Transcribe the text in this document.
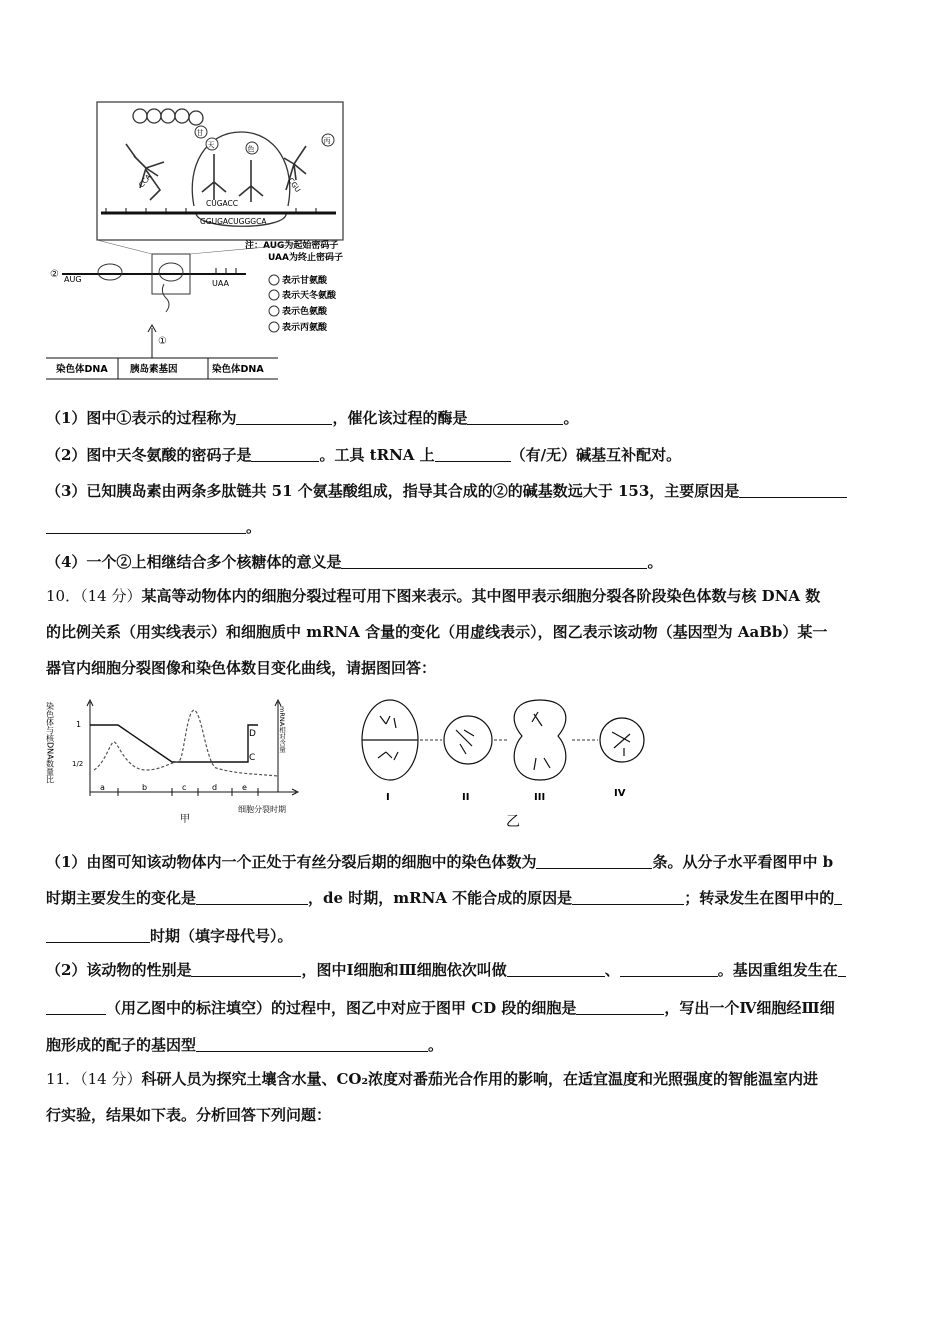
甘
天	色
丙
CCA
CUGACC
CGU
GGUGACUGGGCA
注：AUG为起始密码子
UAA为终止密码子
表示甘氨酸
表示天冬氨酸
表示色氨酸
表示丙氨酸
② AUG	UAA
①
染色体DNA 胰岛素基因	染色体DNA
（1）图中①表示的过程称为	，催化该过程的酶是	。
（2）图中天冬氨酸的密码子是	。工具 tRNA 上	（有/无）碱基互补配对。
（3）已知胰岛素由两条多肽链共 51 个氨基酸组成，指导其合成的②的碱基数远大于 153，主要原因是
。
（4）一个②上相继结合多个核糖体的意义是	。
10．（14 分）某高等动物体内的细胞分裂过程可用下图来表示。其中图甲表示细胞分裂各阶段染色体数与核 DNA 数
的比例关系（用实线表示）和细胞质中 mRNA 含量的变化（用虚线表示），图乙表示该动物（基因型为 AaBb）某一
器官内细胞分裂图像和染色体数目变化曲线，请据图回答：
染色体与核DNA数量比	mRNA相对含量
1
1/2
D
C
a	b	c	d	e
细胞分裂时期
甲
I	II	III	IV
乙
（1）由图可知该动物体内一个正处于有丝分裂后期的细胞中的染色体数为	条。从分子水平看图甲中 b
时期主要发生的变化是	，de 时期，mRNA 不能合成的原因是	；转录发生在图甲中的
时期（填字母代号）。
（2）该动物的性别是	，图中Ⅰ细胞和Ⅲ细胞依次叫做	、	。基因重组发生在
（用乙图中的标注填空）的过程中，图乙中对应于图甲 CD 段的细胞是	，写出一个Ⅳ细胞经Ⅲ细
胞形成的配子的基因型	。
11．（14 分）科研人员为探究土壤含水量、CO₂浓度对番茄光合作用的影响，在适宜温度和光照强度的智能温室内进
行实验，结果如下表。分析回答下列问题：
